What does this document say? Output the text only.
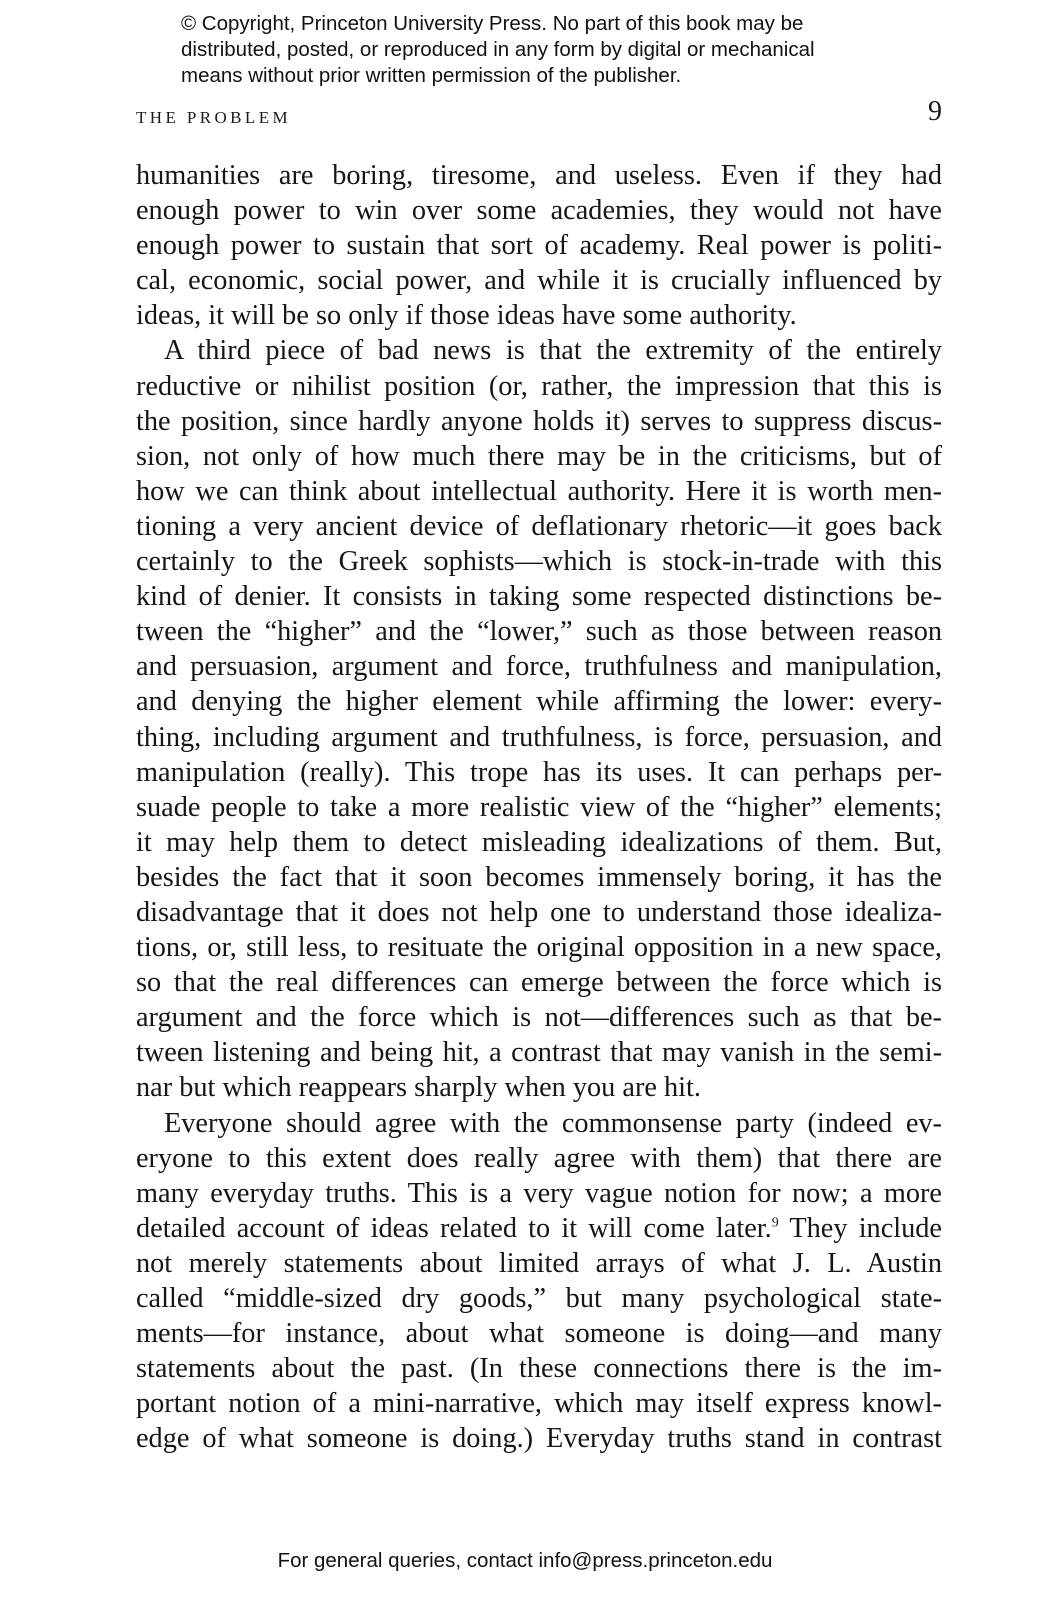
© Copyright, Princeton University Press. No part of this book may be
distributed, posted, or reproduced in any form by digital or mechanical
means without prior written permission of the publisher.
THE PROBLEM	9
humanities are boring, tiresome, and useless. Even if they had
enough power to win over some academies, they would not have
enough power to sustain that sort of academy. Real power is politi-
cal, economic, social power, and while it is crucially influenced by
ideas, it will be so only if those ideas have some authority.
A third piece of bad news is that the extremity of the entirely
reductive or nihilist position (or, rather, the impression that this is
the position, since hardly anyone holds it) serves to suppress discus-
sion, not only of how much there may be in the criticisms, but of
how we can think about intellectual authority. Here it is worth men-
tioning a very ancient device of deflationary rhetoric—it goes back
certainly to the Greek sophists—which is stock-in-trade with this
kind of denier. It consists in taking some respected distinctions be-
tween the “higher” and the “lower,” such as those between reason
and persuasion, argument and force, truthfulness and manipulation,
and denying the higher element while affirming the lower: every-
thing, including argument and truthfulness, is force, persuasion, and
manipulation (really). This trope has its uses. It can perhaps per-
suade people to take a more realistic view of the “higher” elements;
it may help them to detect misleading idealizations of them. But,
besides the fact that it soon becomes immensely boring, it has the
disadvantage that it does not help one to understand those idealiza-
tions, or, still less, to resituate the original opposition in a new space,
so that the real differences can emerge between the force which is
argument and the force which is not—differences such as that be-
tween listening and being hit, a contrast that may vanish in the semi-
nar but which reappears sharply when you are hit.
Everyone should agree with the commonsense party (indeed ev-
eryone to this extent does really agree with them) that there are
many everyday truths. This is a very vague notion for now; a more
detailed account of ideas related to it will come later.$^9$ They include
not merely statements about limited arrays of what J. L. Austin
called “middle-sized dry goods,” but many psychological state-
ments—for instance, about what someone is doing—and many
statements about the past. (In these connections there is the im-
portant notion of a mini-narrative, which may itself express knowl-
edge of what someone is doing.) Everyday truths stand in contrast
For general queries, contact info@press.princeton.edu
